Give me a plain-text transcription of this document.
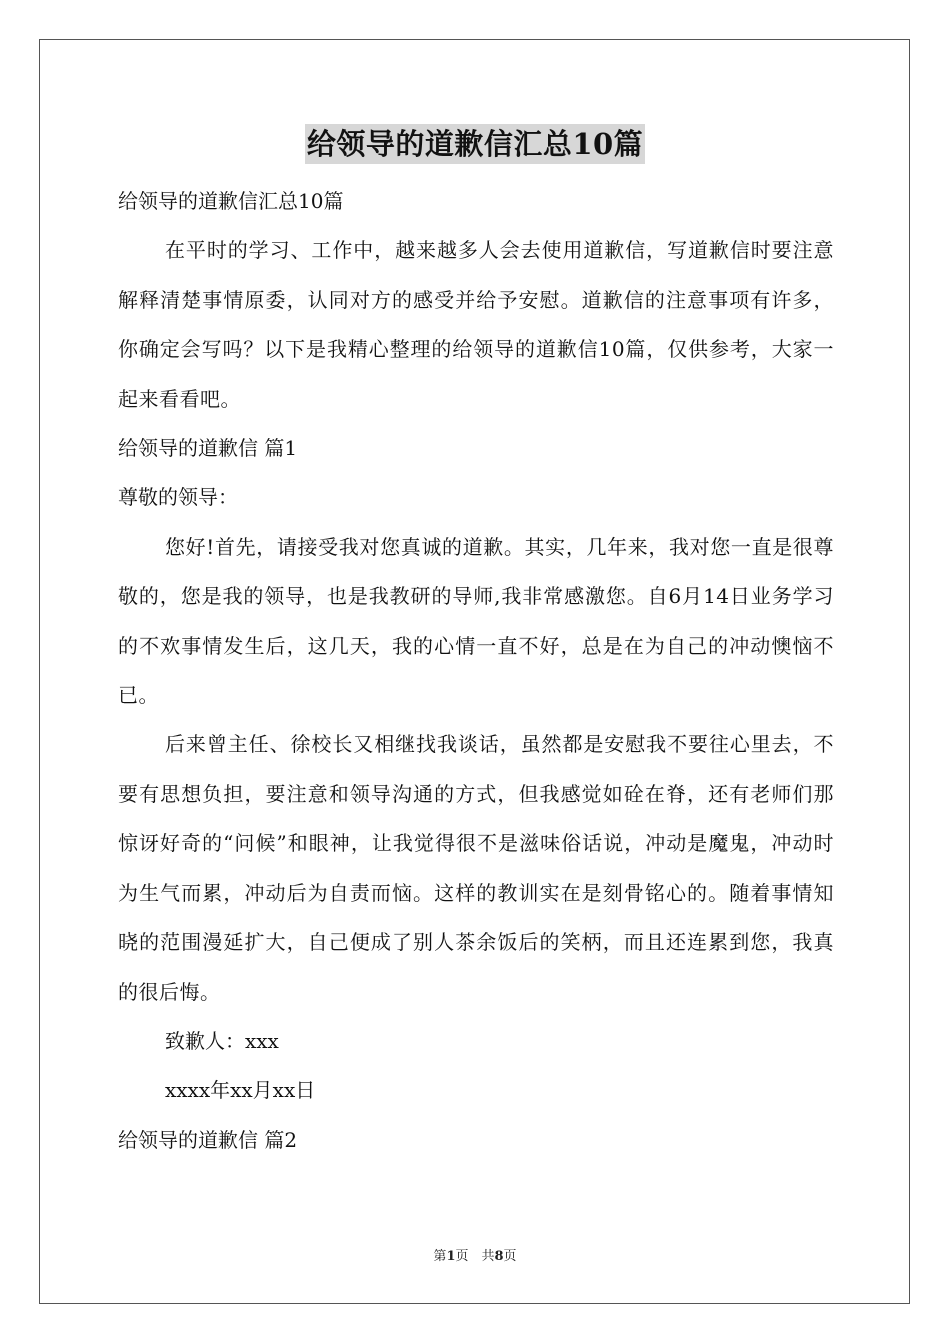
给领导的道歉信汇总10篇

给领导的道歉信汇总10篇

在平时的学习、工作中，越来越多人会去使用道歉信，写道歉信时要注意解释清楚事情原委，认同对方的感受并给予安慰。道歉信的注意事项有许多，你确定会写吗？以下是我精心整理的给领导的道歉信10篇，仅供参考，大家一起来看看吧。

给领导的道歉信 篇1

尊敬的领导：

您好!首先，请接受我对您真诚的道歉。其实，几年来，我对您一直是很尊敬的，您是我的领导，也是我教研的导师,我非常感激您。自6月14日业务学习的不欢事情发生后，这几天，我的心情一直不好，总是在为自己的冲动懊恼不已。

后来曾主任、徐校长又相继找我谈话，虽然都是安慰我不要往心里去，不要有思想负担，要注意和领导沟通的方式，但我感觉如硂在脊，还有老师们那惊讶好奇的“问候”和眼神，让我觉得很不是滋味俗话说，冲动是魔鬼，冲动时为生气而累，冲动后为自责而恼。这样的教训实在是刻骨铭心的。随着事情知晓的范围漫延扩大，自己便成了别人茶余饭后的笑柄，而且还连累到您，我真的很后悔。

致歉人：xxx

xxxx年xx月xx日

给领导的道歉信 篇2

第1页　共8页
